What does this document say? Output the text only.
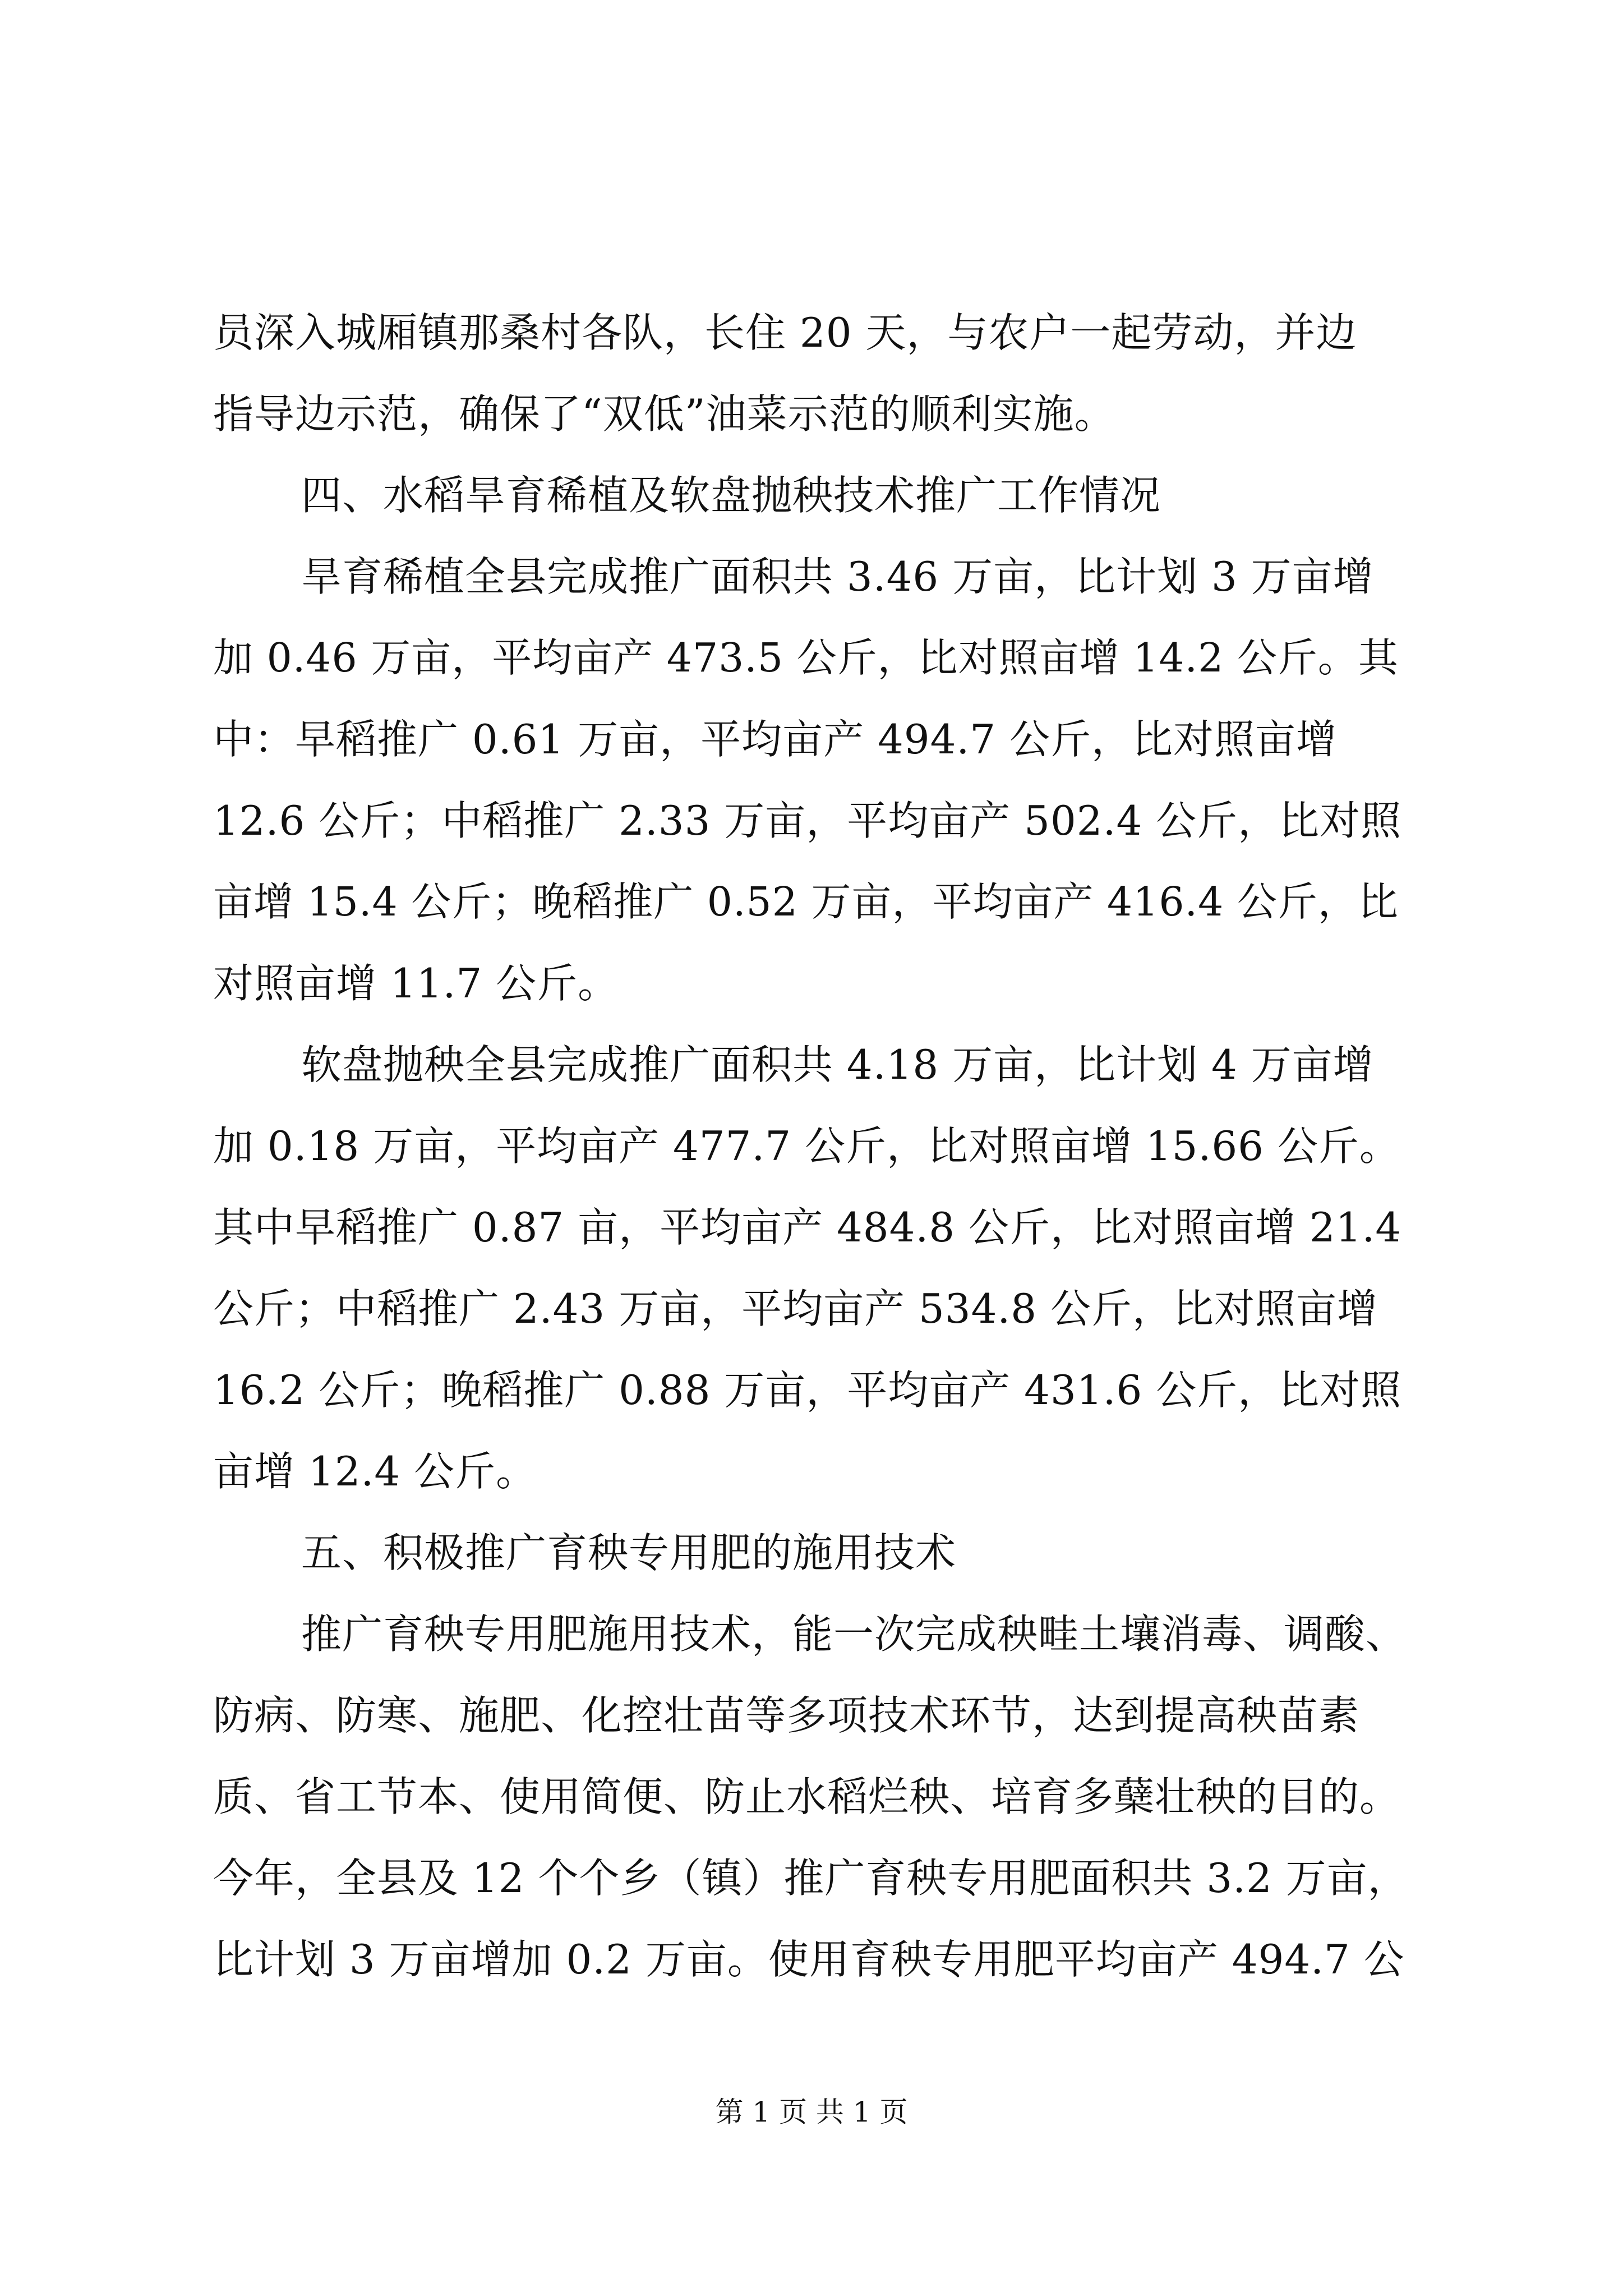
员深入城厢镇那桑村各队，长住 20 天，与农户一起劳动，并边
指导边示范，确保了“双低”油菜示范的顺利实施。
四、水稻旱育稀植及软盘抛秧技术推广工作情况
旱育稀植全县完成推广面积共 3.46 万亩，比计划 3 万亩增
加 0.46 万亩，平均亩产 473.5 公斤，比对照亩增 14.2 公斤。其
中：早稻推广 0.61 万亩，平均亩产 494.7 公斤，比对照亩增
12.6 公斤；中稻推广 2.33 万亩，平均亩产 502.4 公斤，比对照
亩增 15.4 公斤；晚稻推广 0.52 万亩，平均亩产 416.4 公斤，比
对照亩增 11.7 公斤。
软盘抛秧全县完成推广面积共 4.18 万亩，比计划 4 万亩增
加 0.18 万亩，平均亩产 477.7 公斤，比对照亩增 15.66 公斤。
其中早稻推广 0.87 亩，平均亩产 484.8 公斤，比对照亩增 21.4
公斤；中稻推广 2.43 万亩，平均亩产 534.8 公斤，比对照亩增
16.2 公斤；晚稻推广 0.88 万亩，平均亩产 431.6 公斤，比对照
亩增 12.4 公斤。
五、积极推广育秧专用肥的施用技术
推广育秧专用肥施用技术，能一次完成秧畦土壤消毒、调酸、
防病、防寒、施肥、化控壮苗等多项技术环节，达到提高秧苗素
质、省工节本、使用简便、防止水稻烂秧、培育多蘖壮秧的目的。
今年，全县及 12 个个乡（镇）推广育秧专用肥面积共 3.2 万亩，
比计划 3 万亩增加 0.2 万亩。使用育秧专用肥平均亩产 494.7 公
第 1 页 共 1 页
